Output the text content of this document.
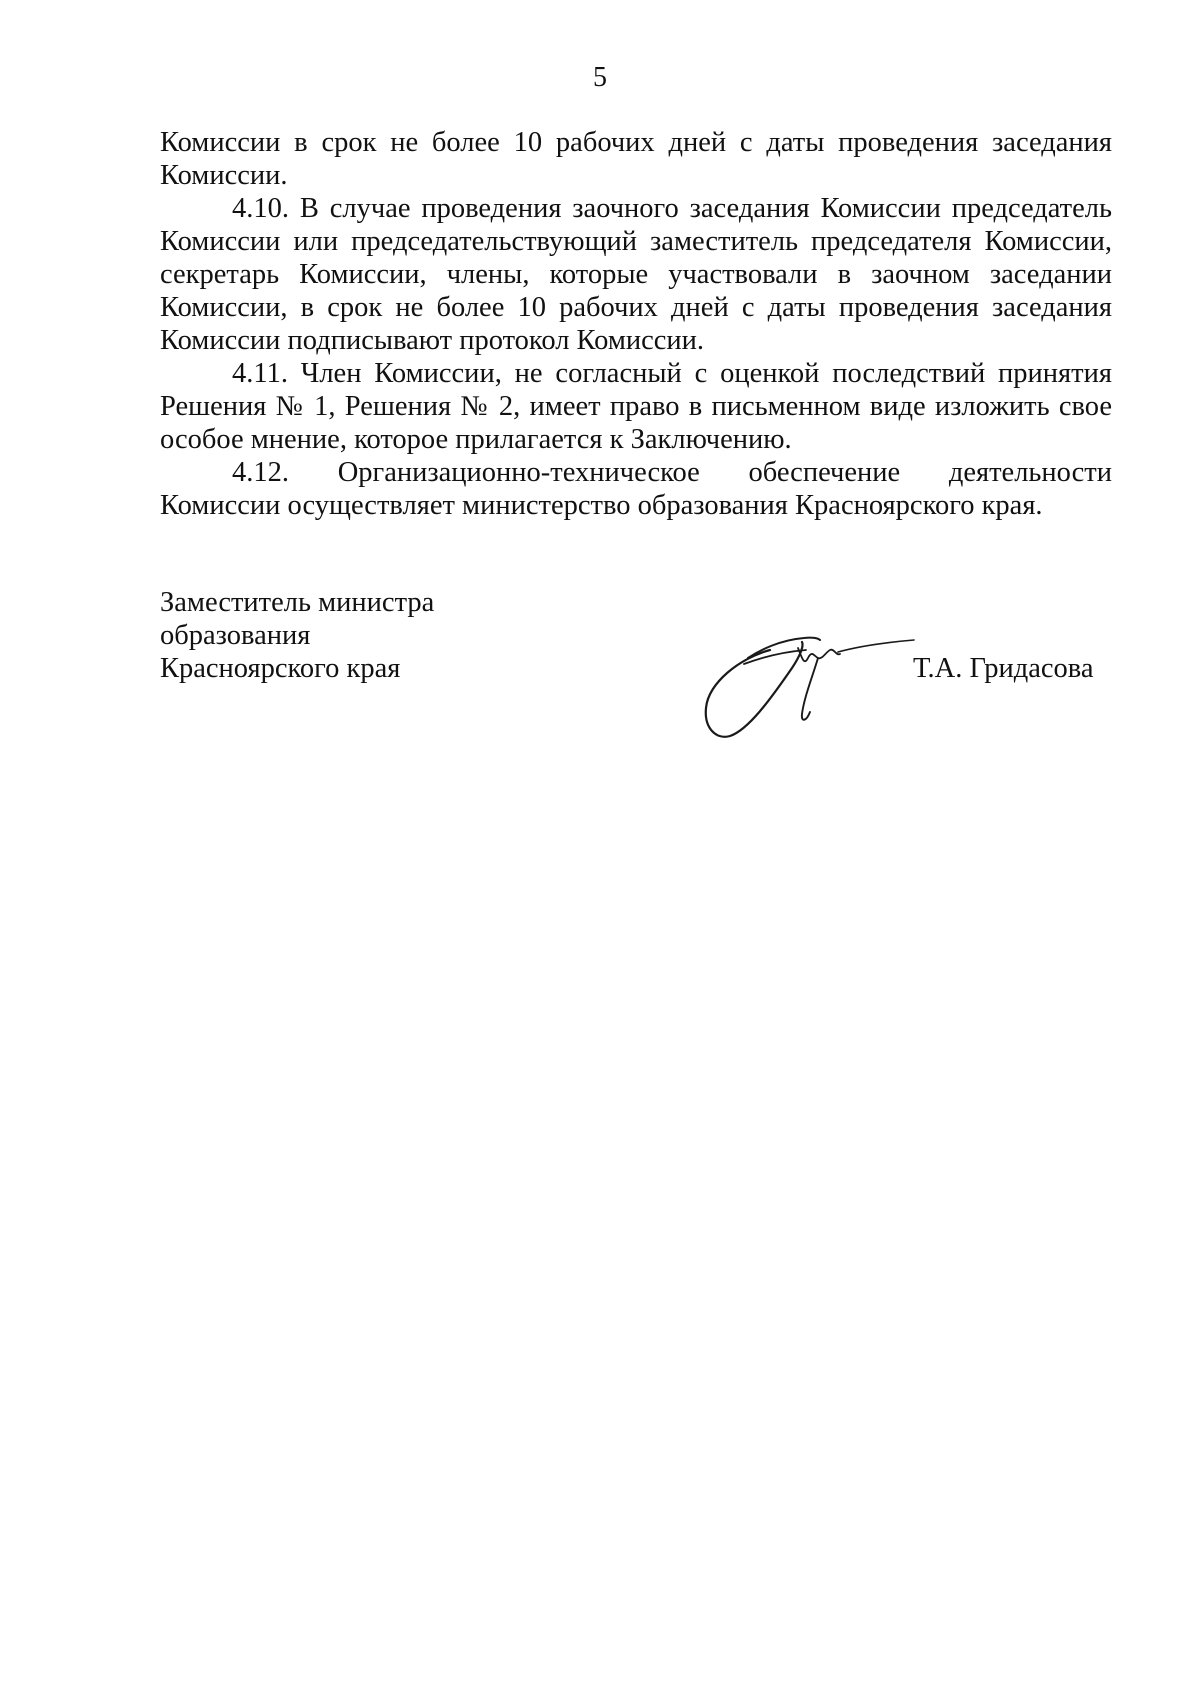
5

Комиссии в срок не более 10 рабочих дней с даты проведения заседания Комиссии.

4.10. В случае проведения заочного заседания Комиссии председатель Комиссии или председательствующий заместитель председателя Комиссии, секретарь Комиссии, члены, которые участвовали в заочном заседании Комиссии, в срок не более 10 рабочих дней с даты проведения заседания Комиссии подписывают протокол Комиссии.

4.11. Член Комиссии, не согласный с оценкой последствий принятия Решения № 1, Решения № 2, имеет право в письменном виде изложить свое особое мнение, которое прилагается к Заключению.

4.12. Организационно-техническое обеспечение деятельности

Комиссии осуществляет министерство образования Красноярского края.

Заместитель министра
образования
Красноярского края	Т.А. Гридасова
